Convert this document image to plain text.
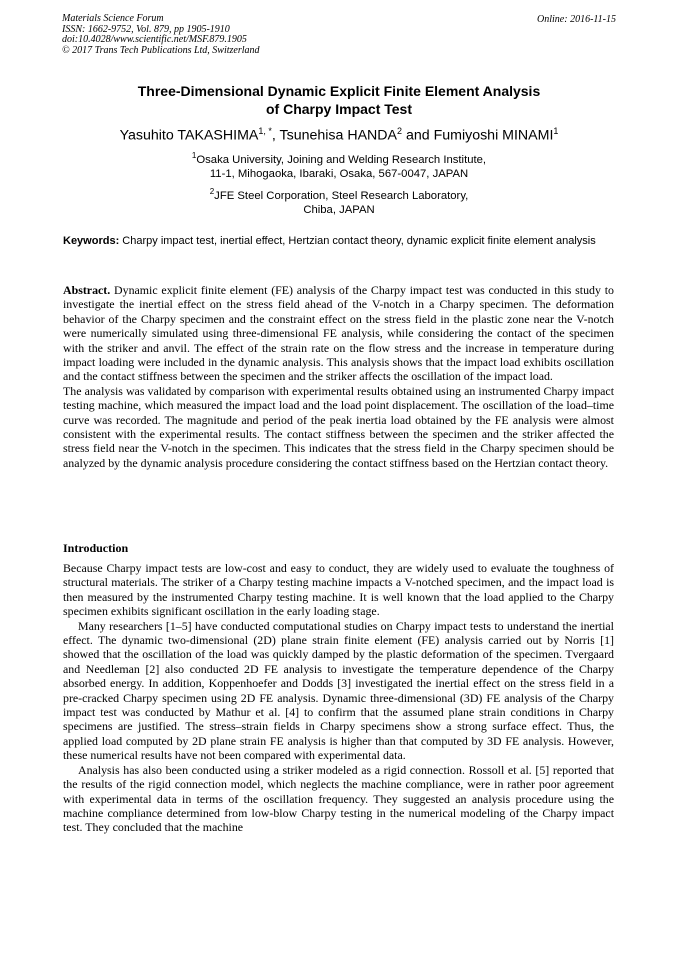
Materials Science Forum
ISSN: 1662-9752, Vol. 879, pp 1905-1910
doi:10.4028/www.scientific.net/MSF.879.1905
© 2017 Trans Tech Publications Ltd, Switzerland
Online: 2016-11-15
Three-Dimensional Dynamic Explicit Finite Element Analysis
of Charpy Impact Test
Yasuhito $TAKASHIMA^{1, *}$, Tsunehisa HANDA$^2$ and Fumiyoshi MINAMI$^1$
$^1$Osaka University, Joining and Welding Research Institute,
11-1, Mihogaoka, Ibaraki, Osaka, 567-0047, JAPAN
$^2$JFE Steel Corporation, Steel Research Laboratory,
Chiba, JAPAN
Keywords: Charpy impact test, inertial effect, Hertzian contact theory, dynamic explicit finite element analysis

Abstract. Dynamic explicit finite element (FE) analysis of the Charpy impact test was conducted in this study to investigate the inertial effect on the stress field ahead of the V-notch in a Charpy specimen. The deformation behavior of the Charpy specimen and the constraint effect on the stress field in the plastic zone near the V-notch were numerically simulated using three-dimensional FE analysis, while considering the contact of the specimen with the striker and anvil. The effect of the strain rate on the flow stress and the increase in temperature during impact loading were included in the dynamic analysis. This analysis shows that the impact load exhibits oscillation and the contact stiffness between the specimen and the striker affects the oscillation of the impact load.

The analysis was validated by comparison with experimental results obtained using an instrumented Charpy impact testing machine, which measured the impact load and the load point displacement. The oscillation of the load–time curve was recorded. The magnitude and period of the peak inertia load obtained by the FE analysis were almost consistent with the experimental results. The contact stiffness between the specimen and the striker affected the stress field near the V-notch in the specimen. This indicates that the stress field in the Charpy specimen should be analyzed by the dynamic analysis procedure considering the contact stiffness based on the Hertzian contact theory.

Introduction

Because Charpy impact tests are low-cost and easy to conduct, they are widely used to evaluate the toughness of structural materials. The striker of a Charpy testing machine impacts a V-notched specimen, and the impact load is then measured by the instrumented Charpy testing machine. It is well known that the load applied to the Charpy specimen exhibits significant oscillation in the early loading stage.

Many researchers [1–5] have conducted computational studies on Charpy impact tests to understand the inertial effect. The dynamic two-dimensional (2D) plane strain finite element (FE) analysis carried out by Norris [1] showed that the oscillation of the load was quickly damped by the plastic deformation of the specimen. Tvergaard and Needleman [2] also conducted 2D FE analysis to investigate the temperature dependence of the Charpy absorbed energy. In addition, Koppenhoefer and Dodds [3] investigated the inertial effect on the stress field in a pre-cracked Charpy specimen using 2D FE analysis. Dynamic three-dimensional (3D) FE analysis of the Charpy impact test was conducted by Mathur et al. [4] to confirm that the assumed plane strain conditions in Charpy specimens are justified. The stress–strain fields in Charpy specimens show a strong surface effect. Thus, the applied load computed by 2D plane strain FE analysis is higher than that computed by 3D FE analysis. However, these numerical results have not been compared with experimental data.

Analysis has also been conducted using a striker modeled as a rigid connection. Rossoll et al. [5] reported that the results of the rigid connection model, which neglects the machine compliance, were in rather poor agreement with experimental data in terms of the oscillation frequency. They suggested an analysis procedure using the machine compliance determined from low-blow Charpy testing in the numerical modeling of the Charpy impact test. They concluded that the machine
